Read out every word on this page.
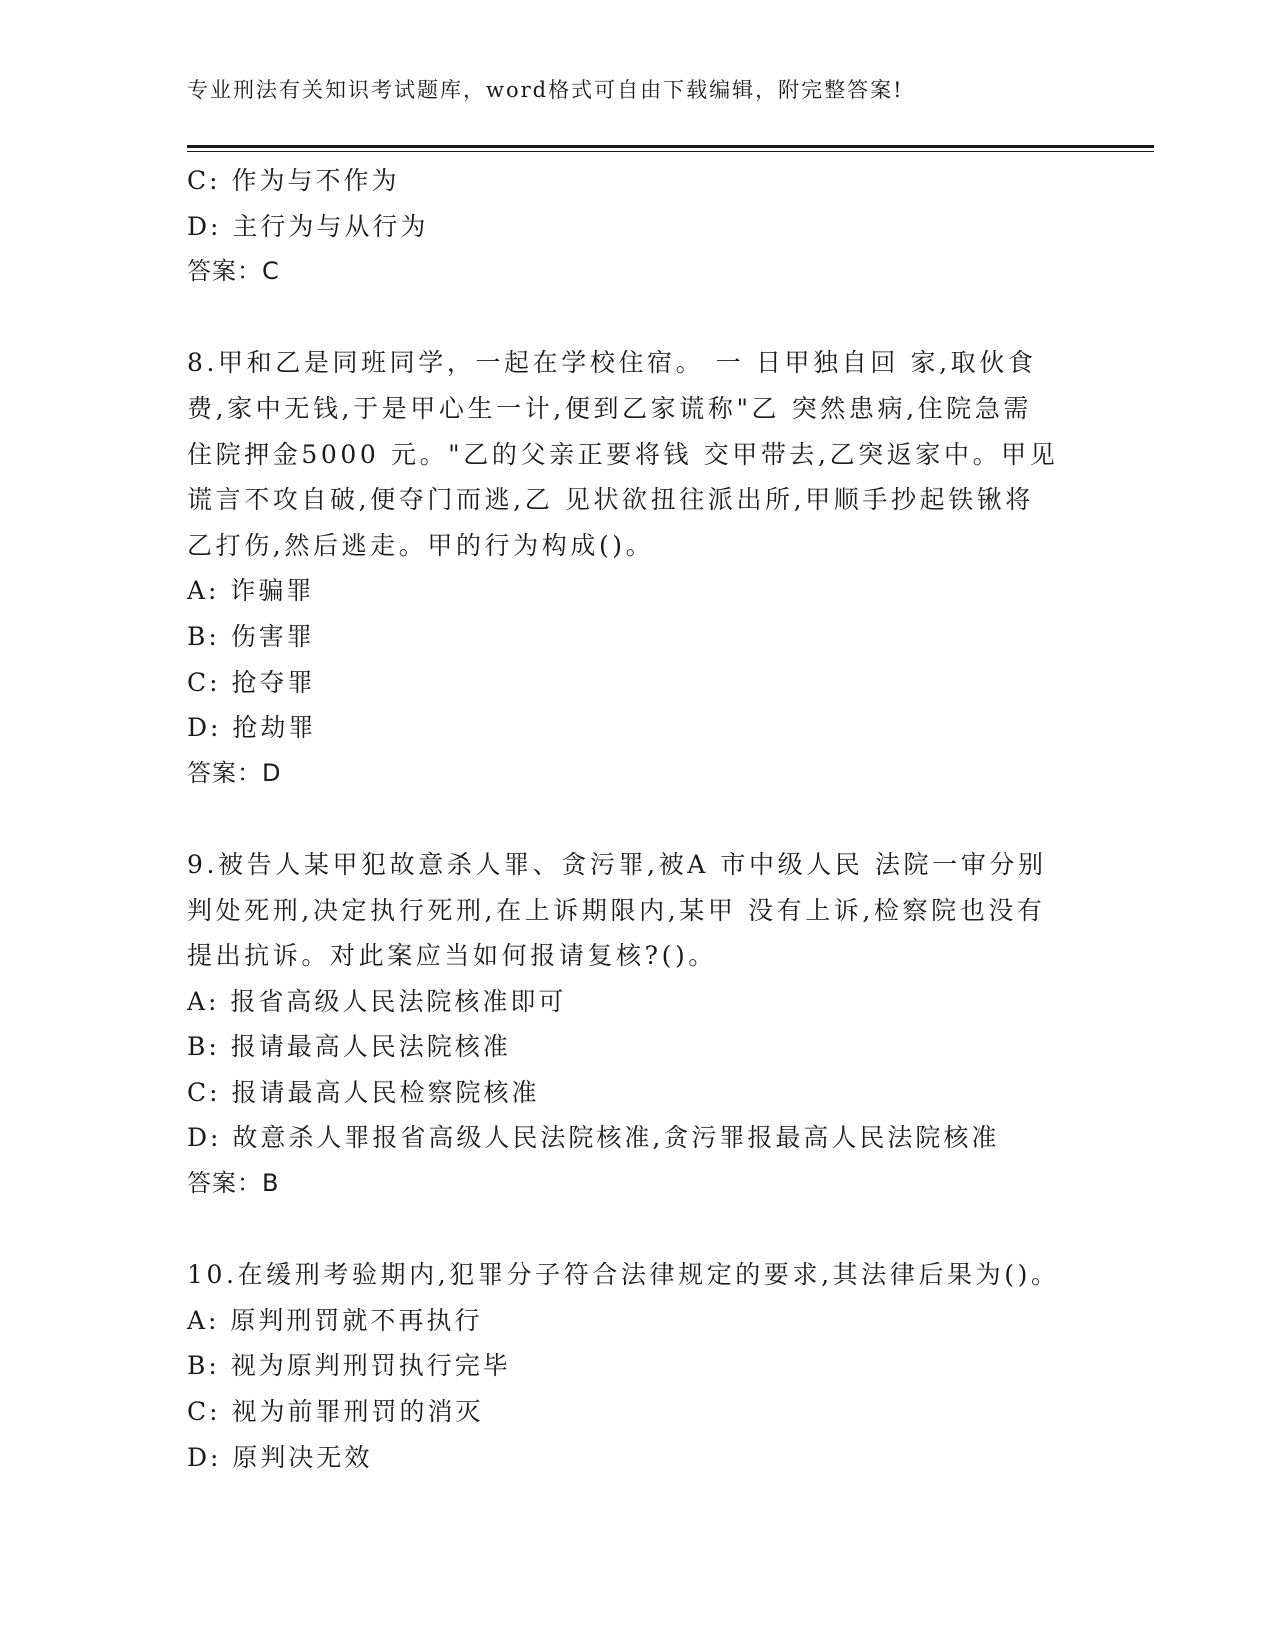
专业刑法有关知识考试题库，word格式可自由下载编辑，附完整答案!
C: 作为与不作为
D: 主行为与从行为
答案：C
8.甲和乙是同班同学，一起在学校住宿。 一 日甲独自回 家,取伙食
费,家中无钱,于是甲心生一计,便到乙家谎称"乙 突然患病,住院急需
住院押金5000 元。"乙的父亲正要将钱 交甲带去,乙突返家中。甲见
谎言不攻自破,便夺门而逃,乙 见状欲扭往派出所,甲顺手抄起铁锹将
乙打伤,然后逃走。甲的行为构成()。
A: 诈骗罪
B: 伤害罪
C: 抢夺罪
D: 抢劫罪
答案：D
9.被告人某甲犯故意杀人罪、贪污罪,被A 市中级人民 法院一审分别
判处死刑,决定执行死刑,在上诉期限内,某甲 没有上诉,检察院也没有
提出抗诉。对此案应当如何报请复核?()。
A: 报省高级人民法院核准即可
B: 报请最高人民法院核准
C: 报请最高人民检察院核准
D: 故意杀人罪报省高级人民法院核准,贪污罪报最高人民法院核准
答案：B
10.在缓刑考验期内,犯罪分子符合法律规定的要求,其法律后果为()。
A: 原判刑罚就不再执行
B: 视为原判刑罚执行完毕
C: 视为前罪刑罚的消灭
D: 原判决无效
